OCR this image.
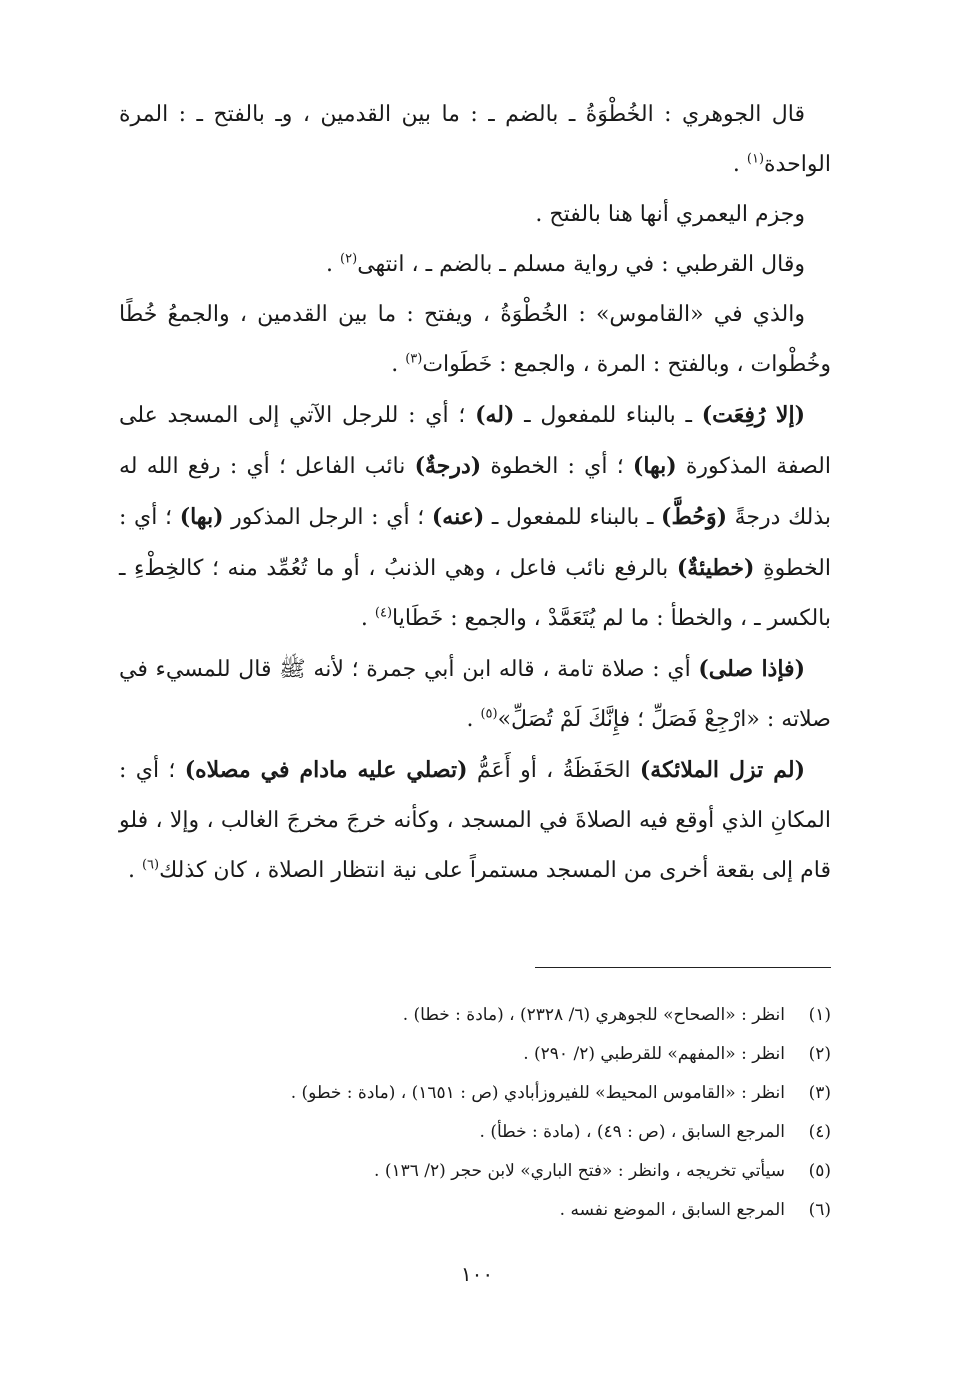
قال الجوهري : الخُطْوَةُ ـ بالضم ـ : ما بين القدمين ، وـ بالفتح ـ : المرة الواحدة$^{(١)}$ .

وجزم اليعمري أنها هنا بالفتح .

وقال القرطبي : في رواية مسلم ـ بالضم ـ ، انتهى$^{(٢)}$ .

والذي في «القاموس» : الخُطْوَةُ ، ويفتح : ما بين القدمين ، والجمعُ خُطًا وخُطْوات ، وبالفتح : المرة ، والجمع : خَطَوات$^{(٣)}$ .

(إلا رُفِعَت) ـ بالبناء للمفعول ـ (له) ؛ أي : للرجل الآتي إلى المسجد على الصفة المذكورة (بها) ؛ أي : الخطوة (درجةٌ) نائب الفاعل ؛ أي : رفع الله له بذلك درجةً (وَحُطَّ) ـ بالبناء للمفعول ـ (عنه) ؛ أي : الرجل المذكور (بها) ؛ أي : الخطوةِ (خطيئةٌ) بالرفع نائب فاعل ، وهي الذنبُ ، أو ما تُعُمِّد منه ؛ كالخِطْءِ ـ بالكسر ـ ، والخطأ : ما لم يُتَعَمَّدْ ، والجمع : خَطَايا$^{(٤)}$ .

(فإذا صلى) أي : صلاة تامة ، قاله ابن أبي جمرة ؛ لأنه ﷺ قال للمسيء في صلاته : «ارْجِعْ فَصَلِّ ؛ فإِنَّكَ لَمْ تُصَلِّ»$^{(٥)}$ .

(لم تزل الملائكة) الحَفَظَةُ ، أو أَعَمُّ (تصلي عليه مادام في مصلاه) ؛ أي : المكانِ الذي أوقع فيه الصلاةَ في المسجد ، وكأنه خرجَ مخرجَ الغالب ، وإلا ، فلو قام إلى بقعة أخرى من المسجد مستمراً على نية انتظار الصلاة ، كان كذلك$^{(٦)}$ .

(١)
انظر : «الصحاح» للجوهري (٦/ ٢٣٢٨) ، (مادة : خطا) .

(٢)
انظر : «المفهم» للقرطبي (٢/ ٢٩٠) .

(٣)
انظر : «القاموس المحيط» للفيروزأبادي (ص : ١٦٥١) ، (مادة : خطو) .

(٤)
المرجع السابق ، (ص : ٤٩) ، (مادة : خطأ) .

(٥)
سيأتي تخريجه ، وانظر : «فتح الباري» لابن حجر (٢/ ١٣٦) .

(٦)
المرجع السابق ، الموضع نفسه .

١٠٠
